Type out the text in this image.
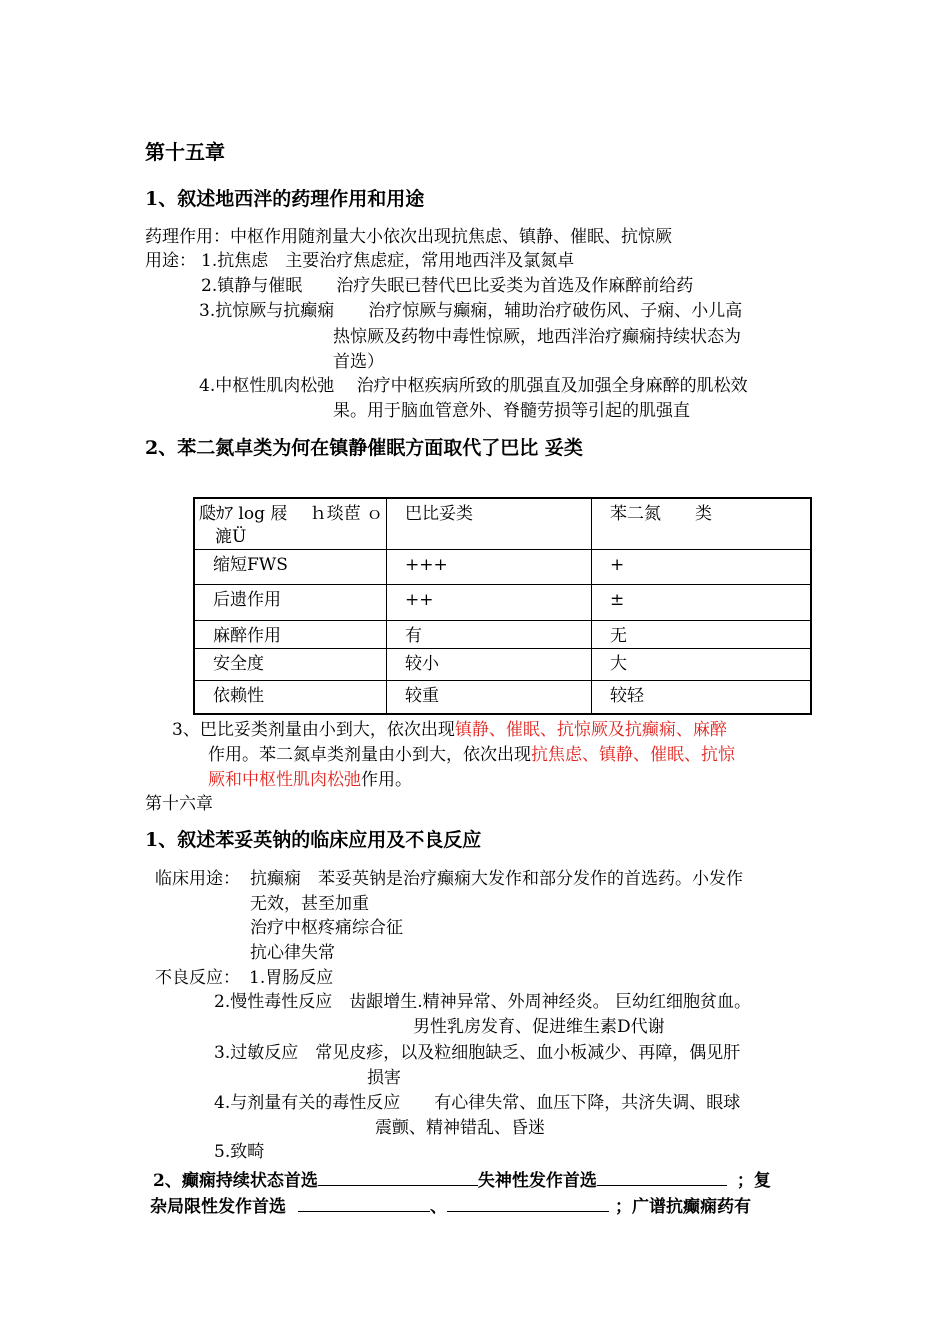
第十五章
1、叙述地西泮的药理作用和用途
药理作用：中枢作用随剂量大小依次出现抗焦虑、镇静、催眠、抗惊厥
用途： 1.抗焦虑　主要治疗焦虑症，常用地西泮及氯氮卓
2.镇静与催眠　　治疗失眠已替代巴比妥类为首选及作麻醉前给药
3.抗惊厥与抗癫痫　　治疗惊厥与癫痫，辅助治疗破伤风、子痫、小儿高
热惊厥及药物中毒性惊厥，地西泮治疗癫痫持续状态为
首选）
4.中枢性肌肉松弛　 治疗中枢疾病所致的肌强直及加强全身麻醉的肌松效
果。用于脑血管意外、脊髓劳损等引起的肌强直
2、苯二氮卓类为何在镇静催眠方面取代了巴比 妥类
瓞ｶｱ log 屐　 ｈ琰茞 ｏ 漉Ü	巴比妥类	苯二氮　　类
缩短FWS	+++	+
后遗作用	++	±
麻醉作用	有	无
安全度	较小	大
依赖性	较重	较轻
3、巴比妥类剂量由小到大，依次出现镇静、催眠、抗惊厥及抗癫痫、麻醉
作用。苯二氮卓类剂量由小到大，依次出现抗焦虑、镇静、催眠、抗惊
厥和中枢性肌肉松弛作用。
第十六章
1、叙述苯妥英钠的临床应用及不良反应
临床用途： 抗癫痫　苯妥英钠是治疗癫痫大发作和部分发作的首选药。小发作
无效，甚至加重
治疗中枢疼痛综合征
抗心律失常
不良反应： 1.胃肠反应
2.慢性毒性反应　齿龈增生.精神异常、外周神经炎。 巨幼红细胞贫血。
男性乳房发育、促进维生素D代谢
3.过敏反应　常见皮疹，以及粒细胞缺乏、血小板减少、再障，偶见肝
损害
4.与剂量有关的毒性反应　　有心律失常、血压下降，共济失调、眼球
震颤、精神错乱、昏迷
5.致畸
2、癫痫持续状态首选	失神性发作首选	；复
杂局限性发作首选	、	；广谱抗癫痫药有
